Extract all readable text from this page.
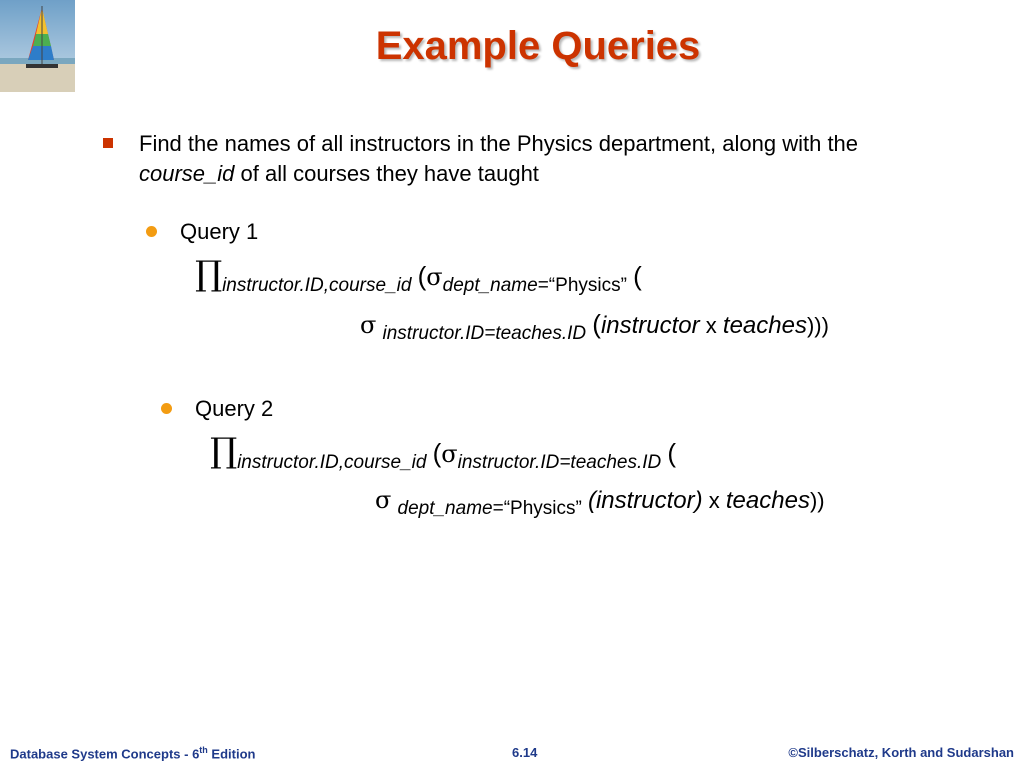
Example Queries
Find the names of all instructors in the Physics department, along with the
course_id of all courses they have taught
Query 1
∏instructor.ID,course_id (σdept_name=“Physics” (
σ instructor.ID=teaches.ID (instructor x teaches)))
Query 2
∏instructor.ID,course_id (σinstructor.ID=teaches.ID (
σ dept_name=“Physics” (instructor) x teaches))
Database System Concepts - 6th Edition	6.14	©Silberschatz, Korth and Sudarshan
